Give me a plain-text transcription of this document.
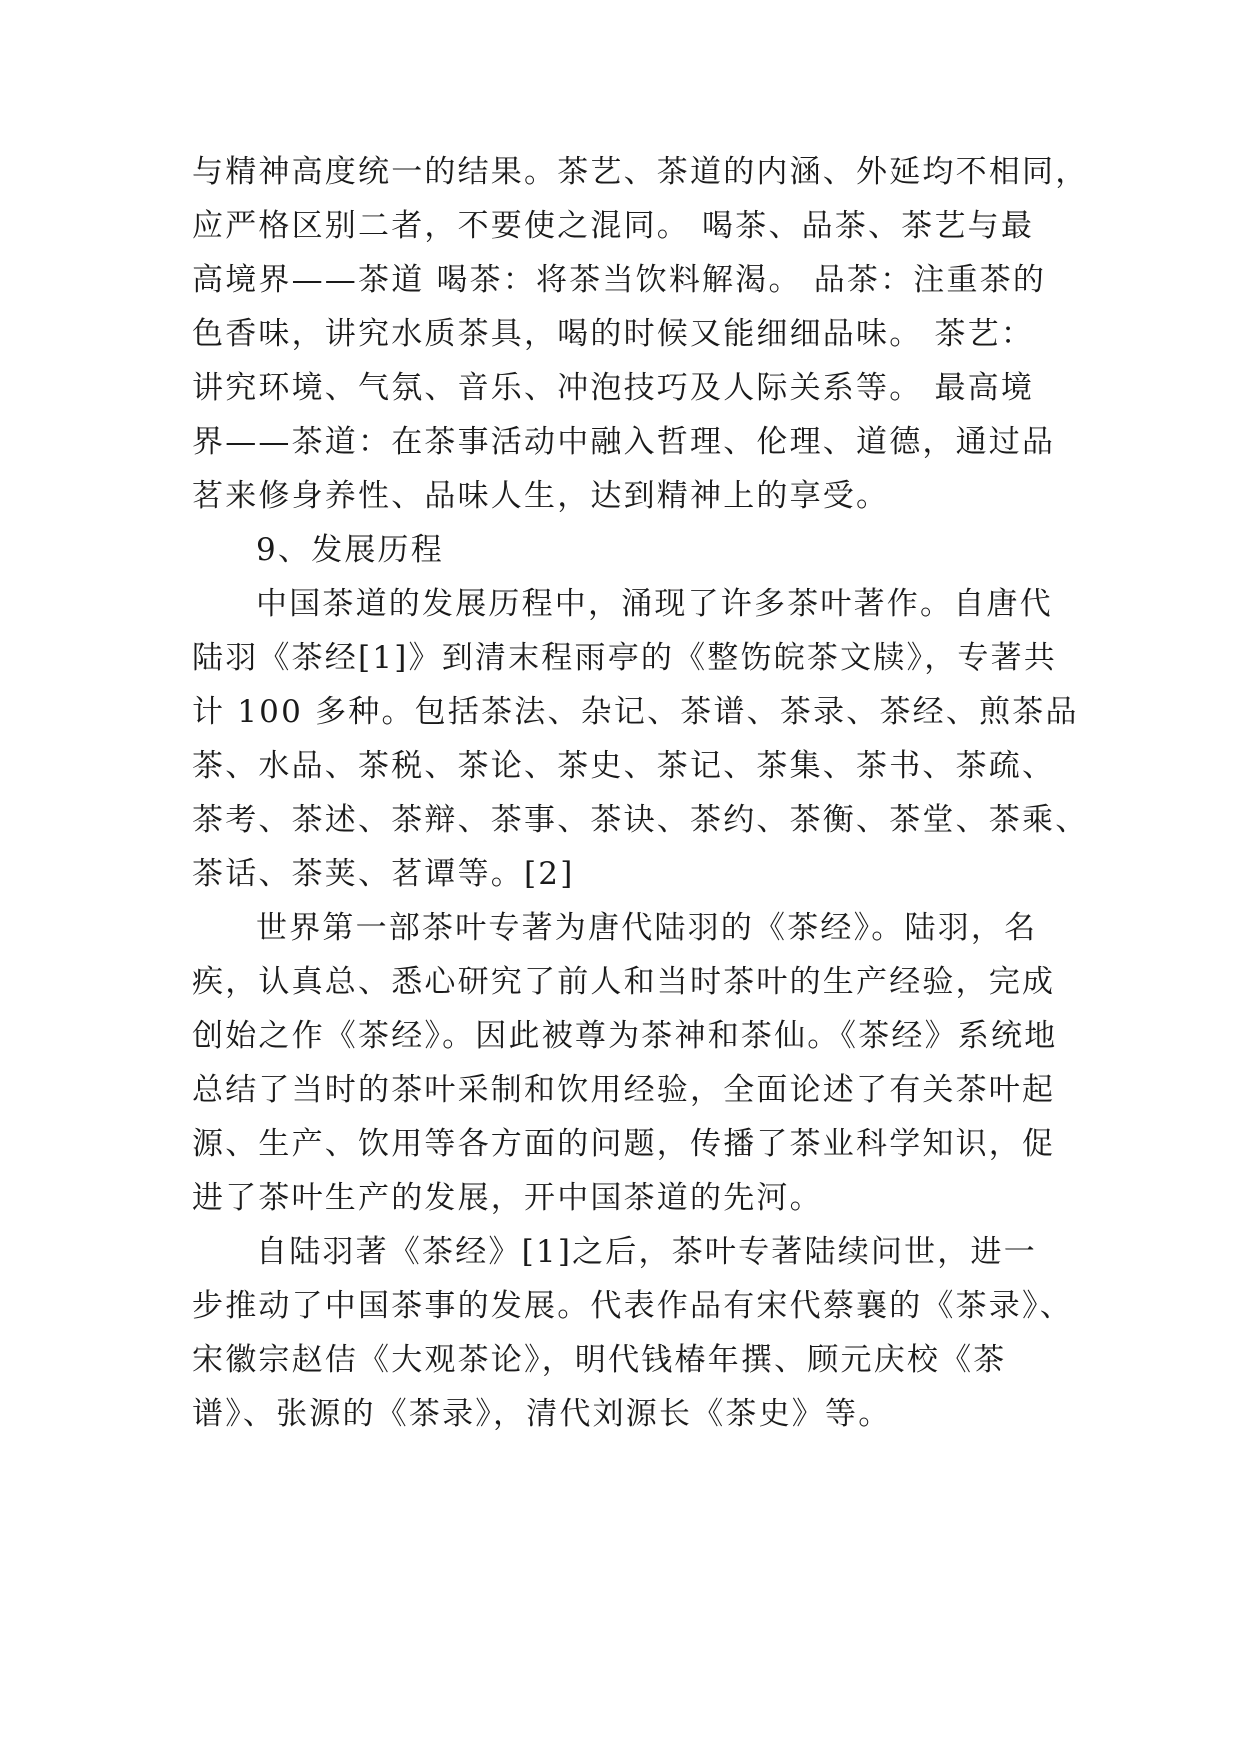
与精神高度统一的结果。茶艺、茶道的内涵、外延均不相同，
应严格区别二者，不要使之混同。 喝茶、品茶、茶艺与最
高境界——茶道 喝茶：将茶当饮料解渴。 品茶：注重茶的
色香味，讲究水质茶具，喝的时候又能细细品味。 茶艺：
讲究环境、气氛、音乐、冲泡技巧及人际关系等。 最高境
界——茶道：在茶事活动中融入哲理、伦理、道德，通过品
茗来修身养性、品味人生，达到精神上的享受。
9、发展历程
中国茶道的发展历程中，涌现了许多茶叶著作。自唐代
陆羽《茶经[1]》到清末程雨亭的《整饬皖茶文牍》，专著共
计 100 多种。包括茶法、杂记、茶谱、茶录、茶经、煎茶品
茶、水品、茶税、茶论、茶史、茶记、茶集、茶书、茶疏、
茶考、茶述、茶辩、茶事、茶诀、茶约、茶衡、茶堂、茶乘、
茶话、茶荚、茗谭等。[2]
世界第一部茶叶专著为唐代陆羽的《茶经》。陆羽，名
疾，认真总、悉心研究了前人和当时茶叶的生产经验，完成
创始之作《茶经》。因此被尊为茶神和茶仙。《茶经》系统地
总结了当时的茶叶采制和饮用经验，全面论述了有关茶叶起
源、生产、饮用等各方面的问题，传播了茶业科学知识，促
进了茶叶生产的发展，开中国茶道的先河。
自陆羽著《茶经》[1]之后，茶叶专著陆续问世，进一
步推动了中国茶事的发展。代表作品有宋代蔡襄的《茶录》、
宋徽宗赵佶《大观茶论》，明代钱椿年撰、顾元庆校《茶
谱》、张源的《茶录》，清代刘源长《茶史》等。
